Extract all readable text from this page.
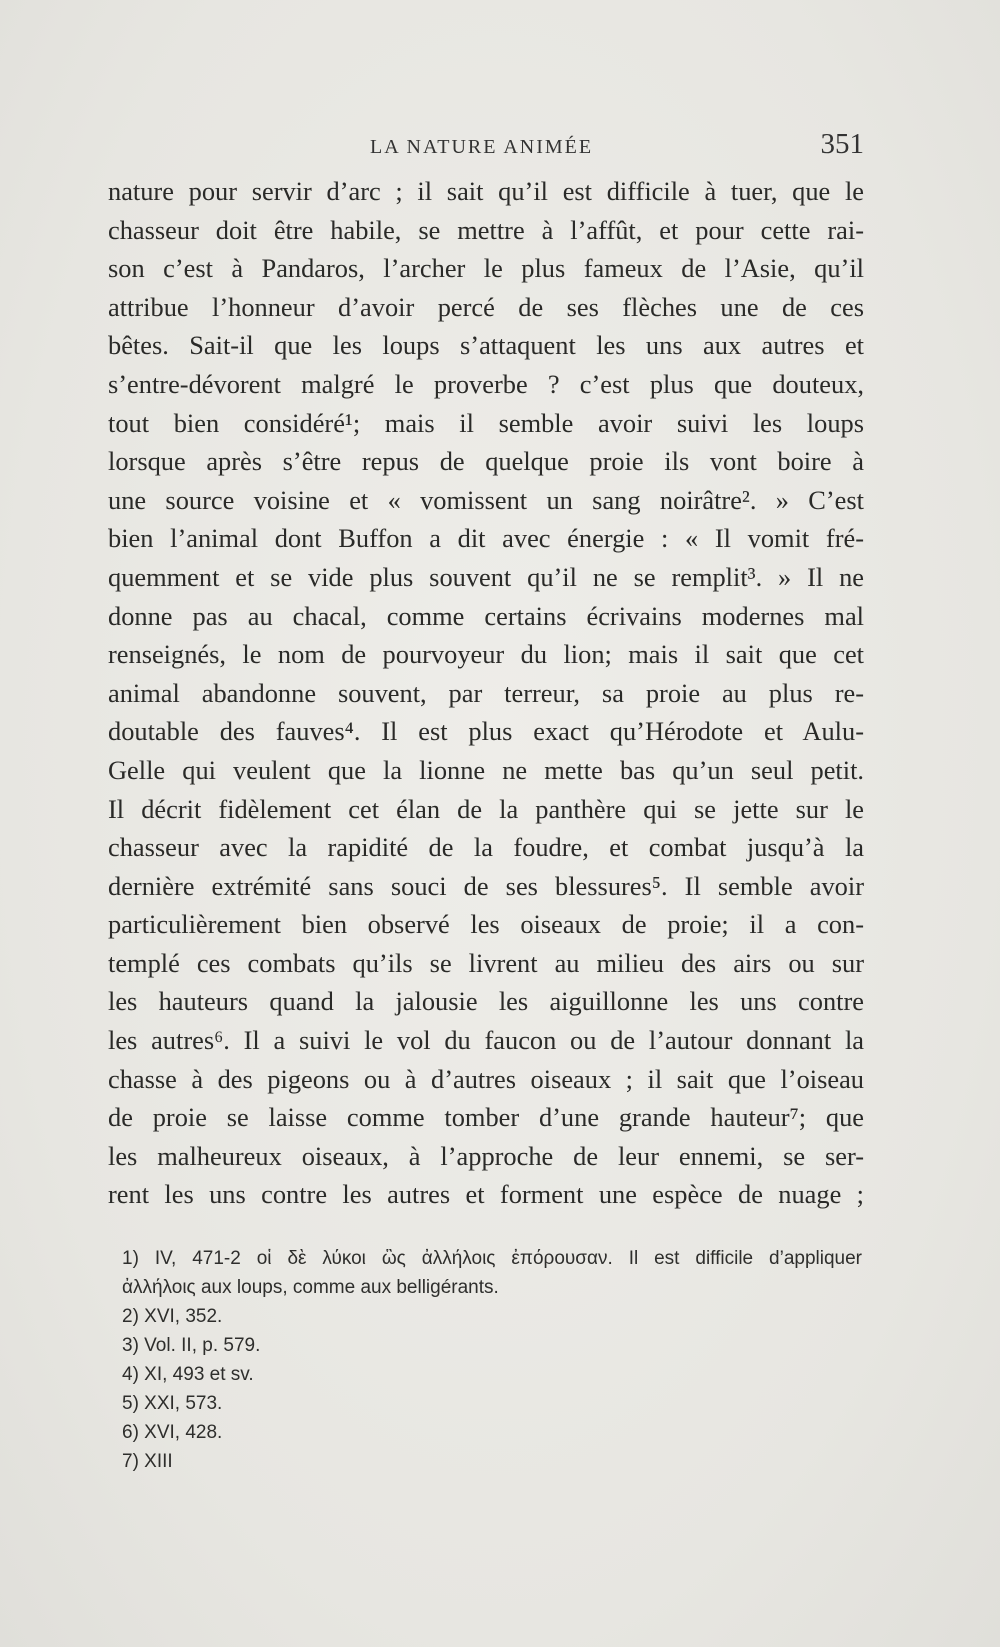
LA NATURE ANIMÉE	351
nature pour servir d’arc ; il sait qu’il est difficile à tuer, que le
chasseur doit être habile, se mettre à l’affût, et pour cette rai-
son c’est à Pandaros, l’archer le plus fameux de l’Asie, qu’il
attribue l’honneur d’avoir percé de ses flèches une de ces
bêtes. Sait-il que les loups s’attaquent les uns aux autres et
s’entre-dévorent malgré le proverbe ? c’est plus que douteux,
tout bien considéré¹; mais il semble avoir suivi les loups
lorsque après s’être repus de quelque proie ils vont boire à
une source voisine et « vomissent un sang noirâtre². » C’est
bien l’animal dont Buffon a dit avec énergie : « Il vomit fré-
quemment et se vide plus souvent qu’il ne se remplit³. » Il ne
donne pas au chacal, comme certains écrivains modernes mal
renseignés, le nom de pourvoyeur du lion; mais il sait que cet
animal abandonne souvent, par terreur, sa proie au plus re-
doutable des fauves⁴. Il est plus exact qu’Hérodote et Aulu-
Gelle qui veulent que la lionne ne mette bas qu’un seul petit.
Il décrit fidèlement cet élan de la panthère qui se jette sur le
chasseur avec la rapidité de la foudre, et combat jusqu’à la
dernière extrémité sans souci de ses blessures⁵. Il semble avoir
particulièrement bien observé les oiseaux de proie; il a con-
templé ces combats qu’ils se livrent au milieu des airs ou sur
les hauteurs quand la jalousie les aiguillonne les uns contre
les autres⁶. Il a suivi le vol du faucon ou de l’autour donnant la
chasse à des pigeons ou à d’autres oiseaux ; il sait que l’oiseau
de proie se laisse comme tomber d’une grande hauteur⁷; que
les malheureux oiseaux, à l’approche de leur ennemi, se ser-
rent les uns contre les autres et forment une espèce de nuage ;
1) IV, 471-2 οἱ δὲ λύκοι ὣς ἀλλήλοις ἐπόρουσαν. Il est difficile d’appliquer
ἀλλήλοις aux loups, comme aux belligérants.
2) XVI, 352.
3) Vol. II, p. 579.
4) XI, 493 et sv.
5) XXI, 573.
6) XVI, 428.
7) XIII
